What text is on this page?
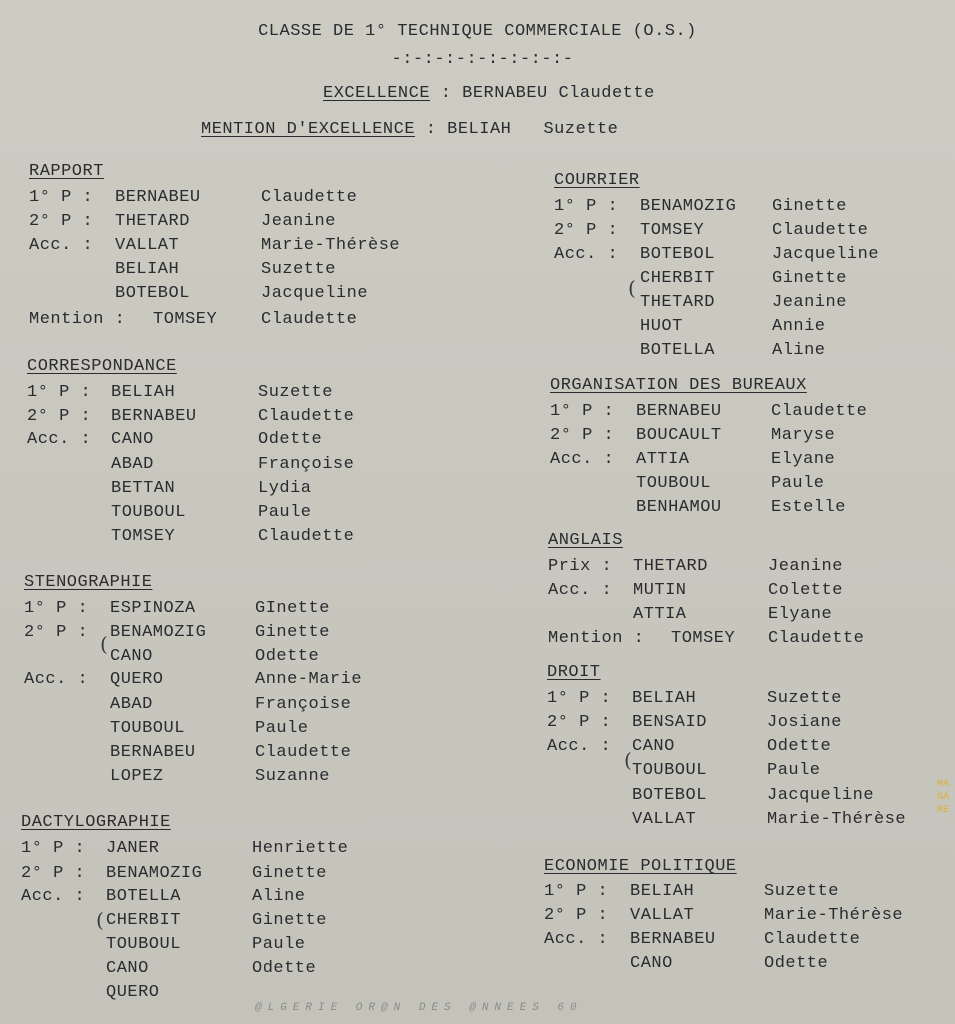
CLASSE DE 1° TECHNIQUE COMMERCIALE (O.S.)
-:-:-:-:-:-:-:-:-
EXCELLENCE : BERNABEU Claudette
MENTION D'EXCELLENCE : BELIAH   Suzette
RAPPORT
1° P : BERNABEU	Claudette
2° P : THETARD	Jeanine
Acc. : VALLAT	Marie-Thérèse
BELIAH	Suzette
BOTEBOL	Jacqueline
Mention : TOMSEY	Claudette
CORRESPONDANCE
1° P : BELIAH	Suzette
2° P : BERNABEU	Claudette
Acc. : CANO	Odette
ABAD	Françoise
BETTAN	Lydia
TOUBOUL	Paule
TOMSEY	Claudette
STENOGRAPHIE
1° P : ESPINOZA	GInette
2° P : BENAMOZIG	Ginette
CANO	Odette
Acc. : QUERO	Anne-Marie
ABAD	Françoise
TOUBOUL	Paule
BERNABEU	Claudette
LOPEZ	Suzanne
DACTYLOGRAPHIE
1° P : JANER	Henriette
2° P : BENAMOZIG	Ginette
Acc. : BOTELLA	Aline
CHERBIT	Ginette
TOUBOUL	Paule
CANO	Odette
QUERO
COURRIER
1° P : BENAMOZIG Ginette
2° P : TOMSEY	Claudette
Acc. : BOTEBOL	Jacqueline
CHERBIT	Ginette
THETARD	Jeanine
HUOT	Annie
BOTELLA	Aline
ORGANISATION DES BUREAUX
1° P : BERNABEU	Claudette
2° P : BOUCAULT	Maryse
Acc. : ATTIA	Elyane
TOUBOUL	Paule
BENHAMOU	Estelle
ANGLAIS
Prix : THETARD	Jeanine
Acc. : MUTIN	Colette
ATTIA	Elyane
Mention : TOMSEY Claudette
DROIT
1° P : BELIAH	Suzette
2° P : BENSAID	Josiane
Acc. : CANO	Odette
TOUBOUL	Paule
BOTEBOL	Jacqueline
VALLAT	Marie-Thérèse
ECONOMIE POLITIQUE
1° P : BELIAH	Suzette
2° P : VALLAT	Marie-Thérèse
Acc. : BERNABEU	Claudette
CANO	Odette
(
(
(
(
@LGERIE OR@N DES @NNEES 60
MAGARE
